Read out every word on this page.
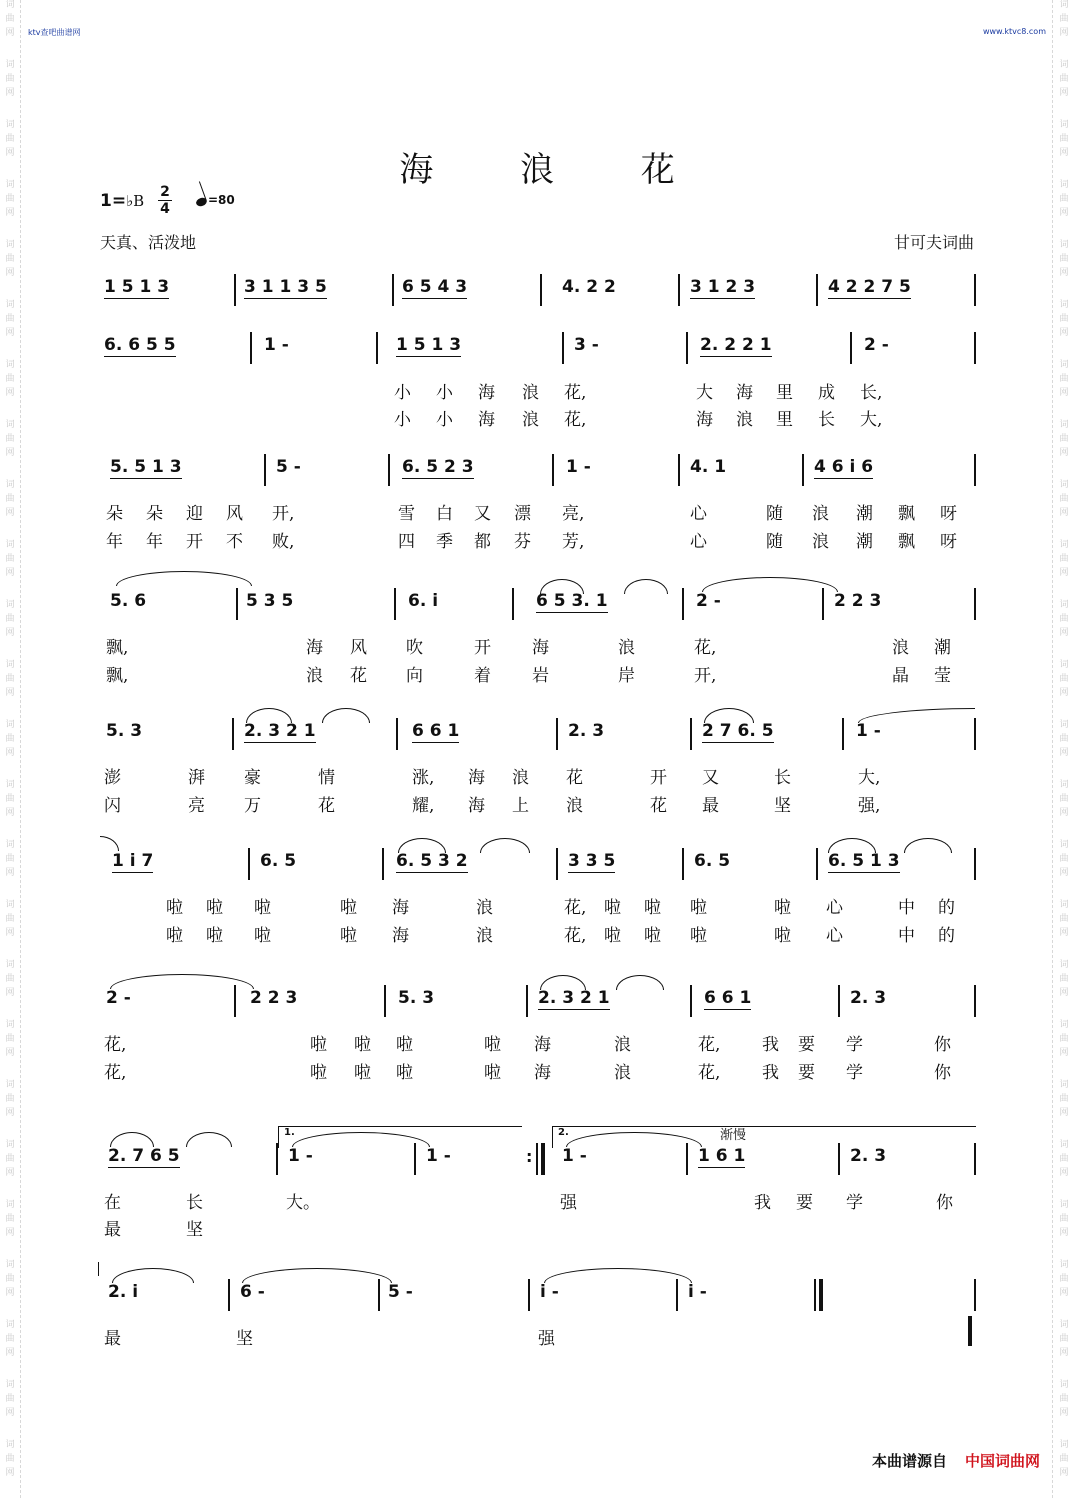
ktv查吧曲谱网	www.ktvc8.com
词
曲
网
词
曲
网
词
曲
网
词
曲
网
词
曲
网
词
曲
网
词
曲
网
词
曲
网
词
曲
网
词
曲
网
词
曲
网
词
曲
网
词
曲
网
词
曲
网
词
曲
网
词
曲
网
词
曲
网
词
曲
网
词
曲
网
词
曲
网
词
曲
网
词
曲
网
词
曲
网
词
曲
网
词
曲
网
词
曲
网
词
曲
网
词
曲
网
词
曲
网
词
曲
网
词
曲
网
词
曲
网
词
曲
网
词
曲
网
词
曲
网
词
曲
网
词
曲
网
词
曲
网
词
曲
网
词
曲
网
词
曲
网
词
曲
网
词
曲
网
词
曲
网
词
曲
网
词
曲
网
词
曲
网
词
曲
网
词
曲
网
词
曲
网
海 浪 花
1=♭B 2
4
=80
天真、活泼地	甘可夫词曲
1 5 1 3	3 1 1 3 5	6 5 4 3	4. 2 2	3 1 2 3	4 2 2 7 5
6. 6 5 5	1 -	1 5 1 3	3 -	2. 2 2 1	2 -
小 小 海 浪 花,	大 海 里 成 长,
小 小 海 浪 花,	海 浪 里 长 大,
5. 5 1 3	5 -	6. 5 2 3	1 -	4. 1	4 6 i 6
朵 朵 迎 风 开,	雪 白 又 漂 亮,	心	随 浪 潮 飘 呀
年 年 开 不 败,	四 季 都 芬 芳,	心	随 浪 潮 飘 呀
5. 6	5 3 5	6. i	6 5 3. 1	2 -	2 2 3
飘,	海 风 吹	开 海	浪	花,	浪 潮
飘,	浪 花 向	着 岩	岸	开,	晶 莹
5. 3	2. 3 2 1	6 6 1	2. 3	2 7 6. 5	1 -
澎	湃 豪	情	涨, 海 浪 花	开 又	长	大,
闪	亮 万	花	耀, 海 上 浪	花 最	坚	强,
1 i 7	6. 5	6. 5 3 2	3 3 5	6. 5	6. 5 1 3
啦 啦 啦	啦 海	浪	花, 啦 啦 啦	啦 心	中 的
啦 啦 啦	啦 海	浪	花, 啦 啦 啦	啦 心	中 的
2 -	2 2 3	5. 3	2. 3 2 1	6 6 1	2. 3
花,	啦 啦 啦	啦 海	浪	花, 我 要 学	你
花,	啦 啦 啦	啦 海	浪	花, 我 要 学	你
渐慢
1.	2.
2. 7 6 5	1 -	1 -	: 1 -	1 6 1	2. 3
在	长	大。	强	我 要 学	你
最	坚
2. i	6 -	5 -	i -	i -
最	坚	强
本曲谱源自 中国词曲网
